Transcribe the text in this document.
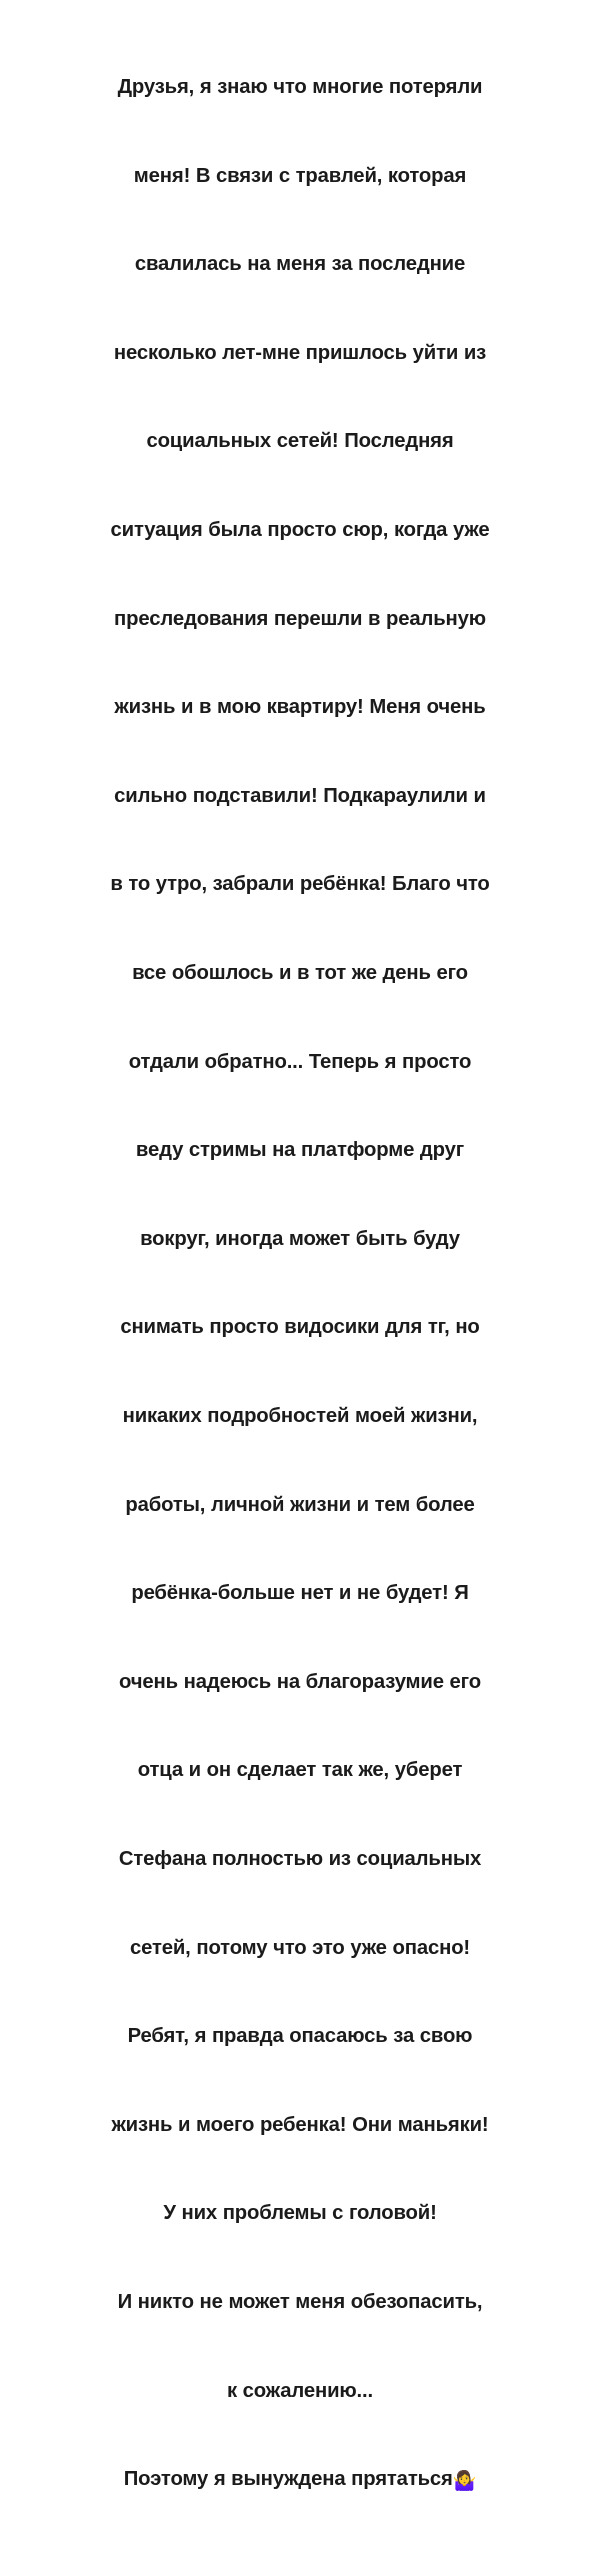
Друзья, я знаю что многие потеряли

меня! В связи с травлей, которая

свалилась на меня за последние

несколько лет-мне пришлось уйти из

социальных сетей! Последняя

ситуация была просто сюр, когда уже

преследования перешли в реальную

жизнь и в мою квартиру! Меня очень

сильно подставили! Подкараулили и

в то утро, забрали ребёнка! Благо что

все обошлось и в тот же день его

отдали обратно... Теперь я просто

веду стримы на платформе друг

вокруг, иногда может быть буду

снимать просто видосики для тг, но

никаких подробностей моей жизни,

работы, личной жизни и тем более

ребёнка-больше нет и не будет! Я

очень надеюсь на благоразумие его

отца и он сделает так же, уберет

Стефана полностью из социальных

сетей, потому что это уже опасно!

Ребят, я правда опасаюсь за свою

жизнь и моего ребенка! Они маньяки!

У них проблемы с головой!

И никто не может меня обезопасить,

к сожалению...

Поэтому я вынуждена прятаться🤷‍♀️
